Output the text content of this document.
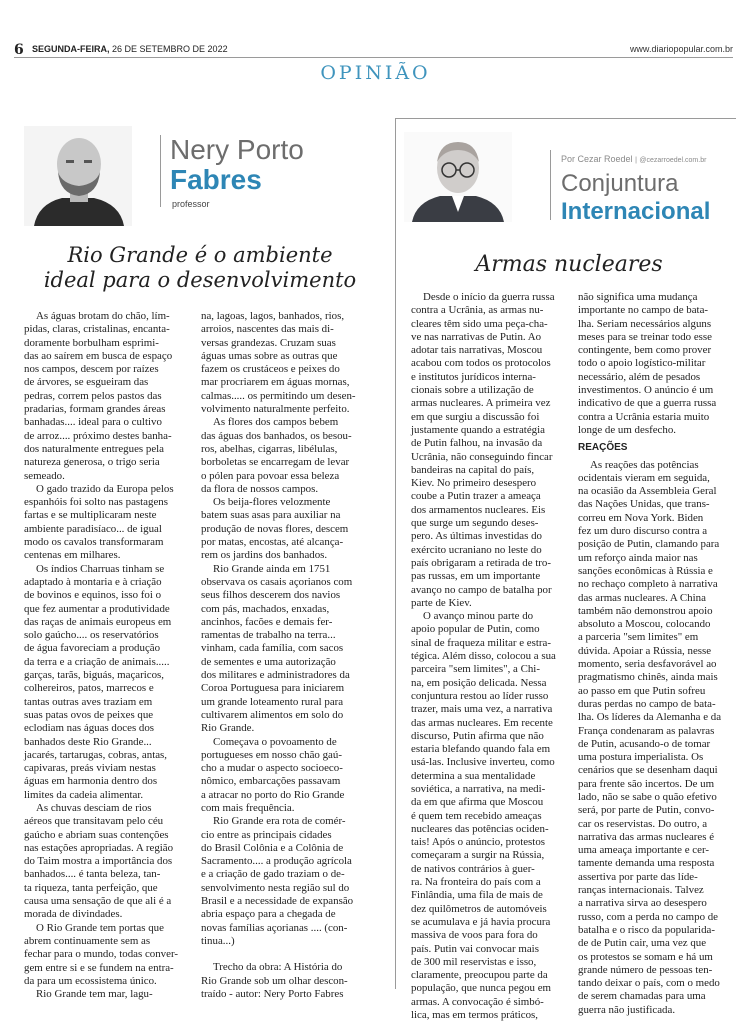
6 SEGUNDA-FEIRA, 26 DE SETEMBRO DE 2022	www.diariopopular.com.br
OPINIÃO
Nery Porto
Fabres
professor
Rio Grande é o ambiente
ideal para o desenvolvimento

As águas brotam do chão, lím-
pidas, claras, cristalinas, encanta-
doramente borbulham esprimi-
das ao saírem em busca de espaço
nos campos, descem por raízes
de árvores, se esgueiram das
pedras, correm pelos pastos das
pradarias, formam grandes áreas
banhadas.... ideal para o cultivo
de arroz.... próximo destes banha-
dos naturalmente entregues pela
natureza generosa, o trigo seria
semeado.

O gado trazido da Europa pelos
espanhóis foi solto nas pastagens
fartas e se multiplicaram neste
ambiente paradisíaco... de igual
modo os cavalos transformaram
centenas em milhares.

Os índios Charruas tinham se
adaptado à montaria e à criação
de bovinos e equinos, isso foi o
que fez aumentar a produtividade
das raças de animais europeus em
solo gaúcho.... os reservatórios
de água favoreciam a produção
da terra e a criação de animais.....
garças, tarãs, biguás, maçaricos,
colhereiros, patos, marrecos e
tantas outras aves traziam em
suas patas ovos de peixes que
eclodiam nas águas doces dos
banhados deste Rio Grande...
jacarés, tartarugas, cobras, antas,
capivaras, preás viviam nestas
águas em harmonia dentro dos
limites da cadeia alimentar.

As chuvas desciam de rios
aéreos que transitavam pelo céu
gaúcho e abriam suas contenções
nas estações apropriadas. A região
do Taim mostra a importância dos
banhados.... é tanta beleza, tan-
ta riqueza, tanta perfeição, que
causa uma sensação de que ali é a
morada de divindades.

O Rio Grande tem portas que
abrem continuamente sem as
fechar para o mundo, todas conver-
gem entre si e se fundem na entra-
da para um ecossistema único.

Rio Grande tem mar, lagu-

na, lagoas, lagos, banhados, rios,
arroios, nascentes das mais di-
versas grandezas. Cruzam suas
águas umas sobre as outras que
fazem os crustáceos e peixes do
mar procriarem em águas mornas,
calmas..... os permitindo um desen-
volvimento naturalmente perfeito.

As flores dos campos bebem
das águas dos banhados, os besou-
ros, abelhas, cigarras, libélulas,
borboletas se encarregam de levar
o pólen para povoar essa beleza
da flora de nossos campos.

Os beija-flores velozmente
batem suas asas para auxiliar na
produção de novas flores, descem
por matas, encostas, até alcança-
rem os jardins dos banhados.

Rio Grande ainda em 1751
observava os casais açorianos com
seus filhos descerem dos navios
com pás, machados, enxadas,
ancinhos, facões e demais fer-
ramentas de trabalho na terra...
vinham, cada família, com sacos
de sementes e uma autorização
dos militares e administradores da
Coroa Portuguesa para iniciarem
um grande loteamento rural para
cultivarem alimentos em solo do
Rio Grande.

Começava o povoamento de
portugueses em nosso chão gaú-
cho a mudar o aspecto socioeco-
nômico, embarcações passavam
a atracar no porto do Rio Grande
com mais frequência.

Rio Grande era rota de comér-
cio entre as principais cidades
do Brasil Colônia e a Colônia de
Sacramento.... a produção agrícola
e a criação de gado traziam o de-
senvolvimento nesta região sul do
Brasil e a necessidade de expansão
abria espaço para a chegada de
novas famílias açorianas .... (con-
tinua...)

Trecho da obra: A História do
Rio Grande sob um olhar descon-
traído - autor: Nery Porto Fabres

Por Cezar Roedel | @cezarroedel.com.br
Conjuntura
Internacional
Armas nucleares

Desde o início da guerra russa
contra a Ucrânia, as armas nu-
cleares têm sido uma peça-cha-
ve nas narrativas de Putin. Ao
adotar tais narrativas, Moscou
acabou com todos os protocolos
e institutos jurídicos interna-
cionais sobre a utilização de
armas nucleares. A primeira vez
em que surgiu a discussão foi
justamente quando a estratégia
de Putin falhou, na invasão da
Ucrânia, não conseguindo fincar
bandeiras na capital do país,
Kiev. No primeiro desespero
coube a Putin trazer a ameaça
dos armamentos nucleares. Eis
que surge um segundo deses-
pero. As últimas investidas do
exército ucraniano no leste do
país obrigaram a retirada de tro-
pas russas, em um importante
avanço no campo de batalha por
parte de Kiev.

O avanço minou parte do
apoio popular de Putin, como
sinal de fraqueza militar e estra-
tégica. Além disso, colocou a sua
parceira "sem limites", a Chi-
na, em posição delicada. Nessa
conjuntura restou ao líder russo
trazer, mais uma vez, a narrativa
das armas nucleares. Em recente
discurso, Putin afirma que não
estaria blefando quando fala em
usá-las. Inclusive inverteu, como
determina a sua mentalidade
soviética, a narrativa, na medi-
da em que afirma que Moscou
é quem tem recebido ameaças
nucleares das potências ociden-
tais! Após o anúncio, protestos
começaram a surgir na Rússia,
de nativos contrários à guer-
ra. Na fronteira do país com a
Finlândia, uma fila de mais de
dez quilômetros de automóveis
se acumulava e já havia procura
massiva de voos para fora do
país. Putin vai convocar mais
de 300 mil reservistas e isso,
claramente, preocupou parte da
população, que nunca pegou em
armas. A convocação é simbó-
lica, mas em termos práticos,

não significa uma mudança
importante no campo de bata-
lha. Seriam necessários alguns
meses para se treinar todo esse
contingente, bem como prover
todo o apoio logístico-militar
necessário, além de pesados
investimentos. O anúncio é um
indicativo de que a guerra russa
contra a Ucrânia estaria muito
longe de um desfecho.

REAÇÕES

As reações das potências
ocidentais vieram em seguida,
na ocasião da Assembleia Geral
das Nações Unidas, que trans-
correu em Nova York. Biden
fez um duro discurso contra a
posição de Putin, clamando para
um reforço ainda maior nas
sanções econômicas à Rússia e
no rechaço completo à narrativa
das armas nucleares. A China
também não demonstrou apoio
absoluto a Moscou, colocando
a parceria "sem limites" em
dúvida. Apoiar a Rússia, nesse
momento, seria desfavorável ao
pragmatismo chinês, ainda mais
ao passo em que Putin sofreu
duras perdas no campo de bata-
lha. Os líderes da Alemanha e da
França condenaram as palavras
de Putin, acusando-o de tomar
uma postura imperialista. Os
cenários que se desenham daqui
para frente são incertos. De um
lado, não se sabe o quão efetivo
será, por parte de Putin, convo-
car os reservistas. Do outro, a
narrativa das armas nucleares é
uma ameaça importante e cer-
tamente demanda uma resposta
assertiva por parte das líde-
ranças internacionais. Talvez
a narrativa sirva ao desespero
russo, com a perda no campo de
batalha e o risco da popularida-
de de Putin cair, uma vez que
os protestos se somam e há um
grande número de pessoas ten-
tando deixar o país, com o medo
de serem chamadas para uma
guerra não justificada.
